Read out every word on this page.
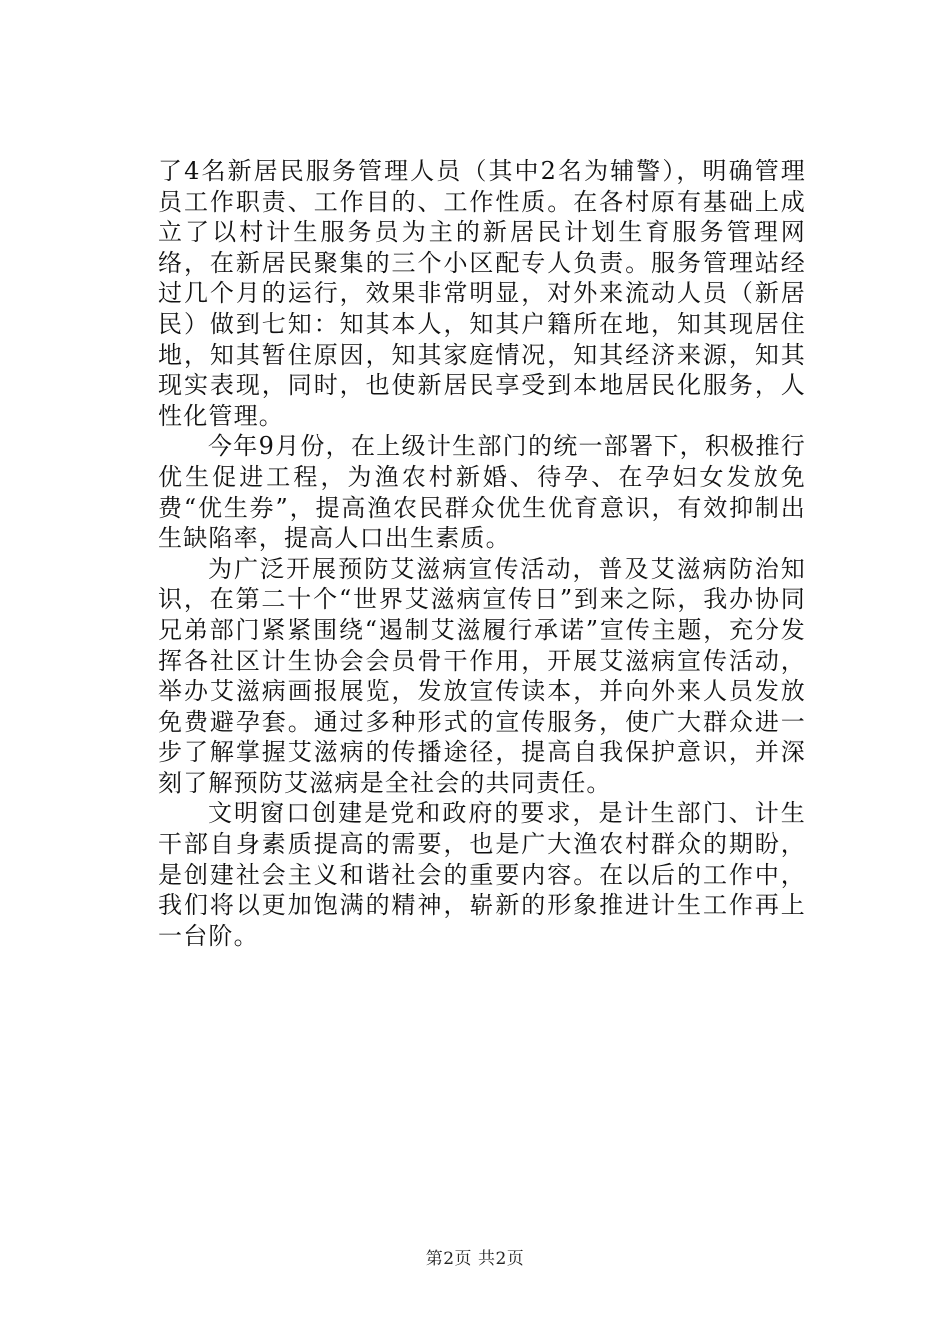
了4名新居民服务管理人员（其中2名为辅警），明确管理员工作职责、工作目的、工作性质。在各村原有基础上成立了以村计生服务员为主的新居民计划生育服务管理网络，在新居民聚集的三个小区配专人负责。服务管理站经过几个月的运行，效果非常明显，对外来流动人员（新居民）做到七知：知其本人，知其户籍所在地，知其现居住地，知其暂住原因，知其家庭情况，知其经济来源，知其现实表现，同时，也使新居民享受到本地居民化服务，人性化管理。

今年9月份，在上级计生部门的统一部署下，积极推行优生促进工程，为渔农村新婚、待孕、在孕妇女发放免费“优生券”，提高渔农民群众优生优育意识，有效抑制出生缺陷率，提高人口出生素质。

为广泛开展预防艾滋病宣传活动，普及艾滋病防治知识，在第二十个“世界艾滋病宣传日”到来之际，我办协同兄弟部门紧紧围绕“遏制艾滋履行承诺”宣传主题，充分发挥各社区计生协会会员骨干作用，开展艾滋病宣传活动，举办艾滋病画报展览，发放宣传读本，并向外来人员发放免费避孕套。通过多种形式的宣传服务，使广大群众进一步了解掌握艾滋病的传播途径，提高自我保护意识，并深刻了解预防艾滋病是全社会的共同责任。

文明窗口创建是党和政府的要求，是计生部门、计生干部自身素质提高的需要，也是广大渔农村群众的期盼，是创建社会主义和谐社会的重要内容。在以后的工作中，我们将以更加饱满的精神，崭新的形象推进计生工作再上一台阶。

第2页 共2页
